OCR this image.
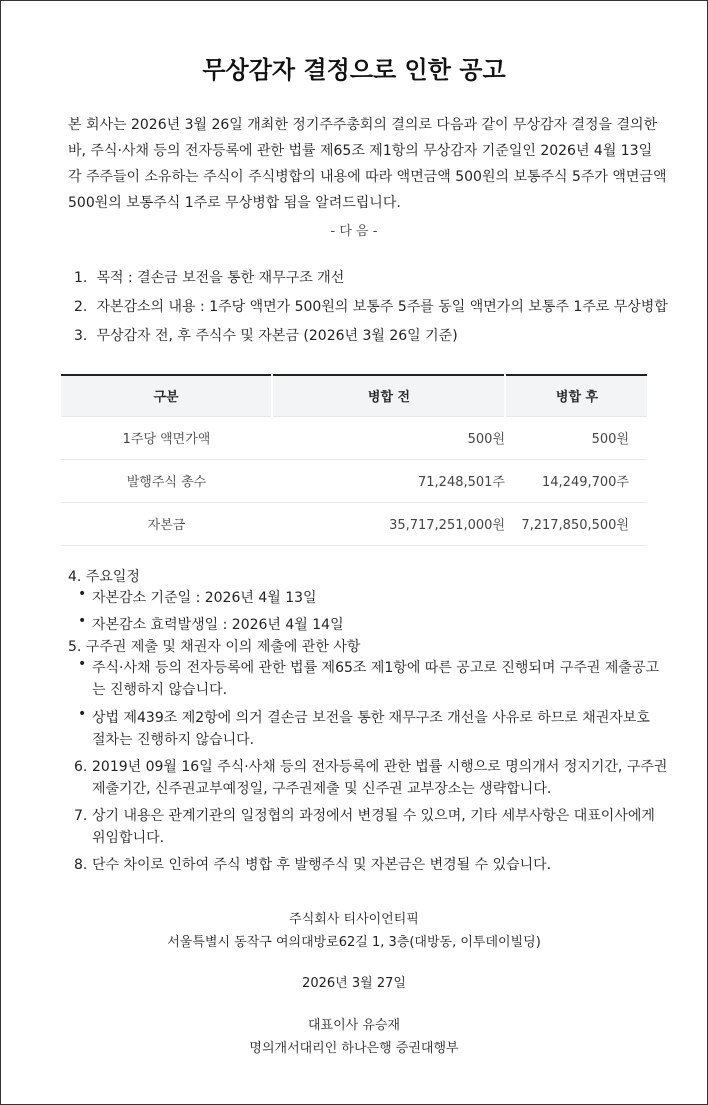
무상감자 결정으로 인한 공고
본 회사는 2026년 3월 26일 개최한 정기주주총회의 결의로 다음과 같이 무상감자 결정을 결의한
바, 주식·사채 등의 전자등록에 관한 법률 제65조 제1항의 무상감자 기준일인 2026년 4월 13일
각 주주들이 소유하는 주식이 주식병합의 내용에 따라 액면금액 500원의 보통주식 5주가 액면금액
500원의 보통주식 1주로 무상병합 됨을 알려드립니다.
- 다 음 -
1. 목적 : 결손금 보전을 통한 재무구조 개선
2. 자본감소의 내용 : 1주당 액면가 500원의 보통주 5주를 동일 액면가의 보통주 1주로 무상병합
3. 무상감자 전, 후 주식수 및 자본금 (2026년 3월 26일 기준)
구분	병합 전	병합 후
1주당 액면가액	500원	500원
발행주식 총수	71,248,501주	14,249,700주
자본금	35,717,251,000원	7,217,850,500원
4. 주요일정
• 자본감소 기준일 : 2026년 4월 13일
• 자본감소 효력발생일 : 2026년 4월 14일
5. 구주권 제출 및 채권자 이의 제출에 관한 사항
• 주식·사채 등의 전자등록에 관한 법률 제65조 제1항에 따른 공고로 진행되며 구주권 제출공고
는 진행하지 않습니다.
• 상법 제439조 제2항에 의거 결손금 보전을 통한 재무구조 개선을 사유로 하므로 채권자보호
절차는 진행하지 않습니다.
6. 2019년 09월 16일 주식·사채 등의 전자등록에 관한 법률 시행으로 명의개서 정지기간, 구주권
제출기간, 신주권교부예정일, 구주권제출 및 신주권 교부장소는 생략합니다.
7. 상기 내용은 관계기관의 일정협의 과정에서 변경될 수 있으며, 기타 세부사항은 대표이사에게
위임합니다.
8. 단수 차이로 인하여 주식 병합 후 발행주식 및 자본금은 변경될 수 있습니다.
주식회사 티사이언티픽
서울특별시 동작구 여의대방로62길 1, 3층(대방동, 이투데이빌딩)
2026년 3월 27일
대표이사 유승재
명의개서대리인 하나은행 증권대행부
